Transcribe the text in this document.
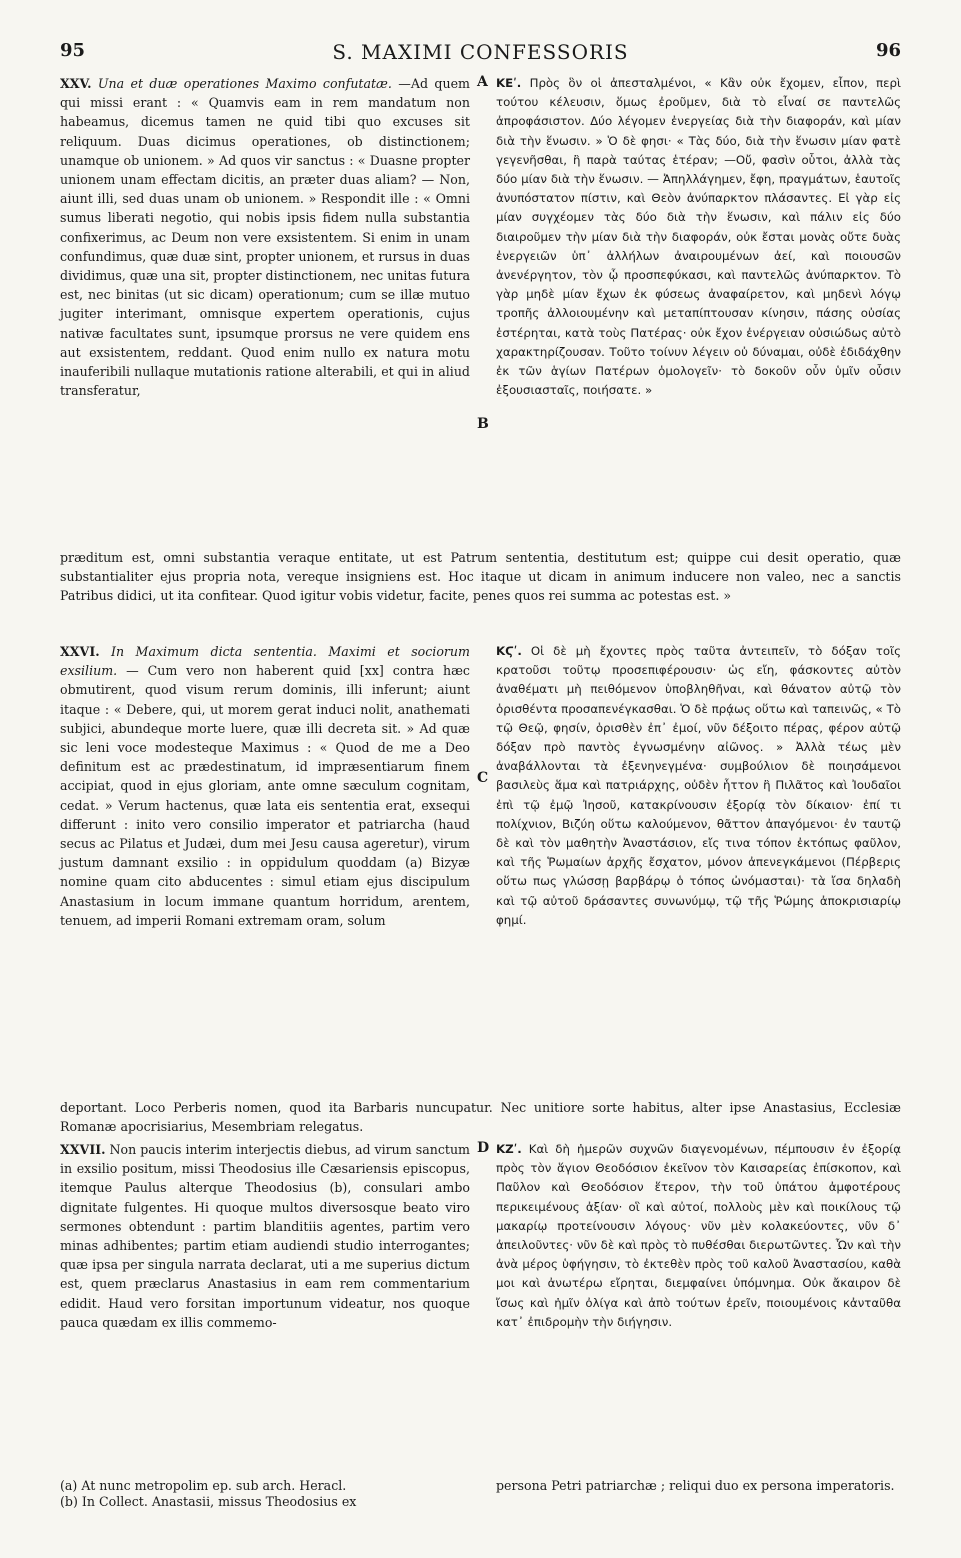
95	S. MAXIMI CONFESSORIS	96
XXV. Una et duæ operationes Maximo confutatæ. —Ad quem qui missi erant : « Quamvis eam in rem mandatum non habeamus, dicemus tamen ne quid tibi quo excuses sit reliquum. Duas dicimus operationes, ob distinctionem; unamque ob unionem. » Ad quos vir sanctus : « Duasne propter unionem unam effectam dicitis, an præter duas aliam? — Non, aiunt illi, sed duas unam ob unionem. » Respondit ille : « Omni sumus liberati negotio, qui nobis ipsis fidem nulla substantia confixerimus, ac Deum non vere exsistentem. Si enim in unam confundimus, quæ duæ sint, propter unionem, et rursus in duas dividimus, quæ una sit, propter distinctionem, nec unitas futura est, nec binitas (ut sic dicam) operationum; cum se illæ mutuo jugiter interimant, omnisque expertem operationis, cujus nativæ facultates sunt, ipsumque prorsus ne vere quidem ens aut exsistentem, reddant. Quod enim nullo ex natura motu inauferibili nullaque mutationis ratione alterabili, et qui in aliud transferatur,
A
B
ΚΕʹ. Πρὸς ὃν οἱ ἀπεσταλμένοι, « Κἂν οὐκ ἔχομεν, εἶπον, περὶ τούτου κέλευσιν, ὅμως ἐροῦμεν, διὰ τὸ εἶναί σε παντελῶς ἀπροφάσιστον. Δύο λέγομεν ἐνεργείας διὰ τὴν διαφοράν, καὶ μίαν διὰ τὴν ἕνωσιν. » Ὁ δὲ φησι· « Τὰς δύο, διὰ τὴν ἕνωσιν μίαν φατὲ γεγενῆσθαι, ἢ παρὰ ταύτας ἑτέραν; —Οὔ, φασὶν οὗτοι, ἀλλὰ τὰς δύο μίαν διὰ τὴν ἕνωσιν. — Ἀπηλλάγημεν, ἔφη, πραγμάτων, ἑαυτοῖς ἀνυπόστατον πίστιν, καὶ Θεὸν ἀνύπαρκτον πλάσαντες. Εἰ γὰρ εἰς μίαν συγχέομεν τὰς δύο διὰ τὴν ἕνωσιν, καὶ πάλιν εἰς δύο διαιροῦμεν τὴν μίαν διὰ τὴν διαφοράν, οὐκ ἔσται μονὰς οὔτε δυὰς ἐνεργειῶν ὑπ᾽ ἀλλήλων ἀναιρουμένων ἀεί, καὶ ποιουσῶν ἀνενέργητον, τὸν ᾧ προσπεφύκασι, καὶ παντελῶς ἀνύπαρκτον. Τὸ γὰρ μηδὲ μίαν ἔχων ἐκ φύσεως ἀναφαίρετον, καὶ μηδενὶ λόγῳ τροπῆς ἀλλοιουμένην καὶ μεταπίπτουσαν κίνησιν, πάσης οὐσίας ἐστέρηται, κατὰ τοὺς Πατέρας· οὐκ ἔχον ἐνέργειαν οὐσιώδως αὐτὸ χαρακτηρίζουσαν. Τοῦτο τοίνυν λέγειν οὐ δύναμαι, οὐδὲ ἐδιδάχθην ἐκ τῶν ἁγίων Πατέρων ὁμολογεῖν· τὸ δοκοῦν οὖν ὑμῖν οὖσιν ἐξουσιασταῖς, ποιήσατε. »
præditum est, omni substantia veraque entitate, ut est Patrum sententia, destitutum est; quippe cui desit operatio, quæ substantialiter ejus propria nota, vereque insigniens est. Hoc itaque ut dicam in animum inducere non valeo, nec a sanctis Patribus didici, ut ita confitear. Quod igitur vobis videtur, facite, penes quos rei summa ac potestas est. »
XXVI. In Maximum dicta sententia. Maximi et sociorum exsilium. — Cum vero non haberent quid [xx] contra hæc obmutirent, quod visum rerum dominis, illi inferunt; aiunt itaque : « Debere, qui, ut morem gerat induci nolit, anathemati subjici, abundeque morte luere, quæ illi decreta sit. » Ad quæ sic leni voce modesteque Maximus : « Quod de me a Deo definitum est ac prædestinatum, id impræsentiarum finem accipiat, quod in ejus gloriam, ante omne sæculum cognitam, cedat. » Verum hactenus, quæ lata eis sententia erat, exsequi differunt : inito vero consilio imperator et patriarcha (haud secus ac Pilatus et Judæi, dum mei Jesu causa ageretur), virum justum damnant exsilio : in oppidulum quoddam (a) Bizyæ nomine quam cito abducentes : simul etiam ejus discipulum Anastasium in locum immane quantum horridum, arentem, tenuem, ad imperii Romani extremam oram, solum
C
ΚϚʹ. Οἱ δὲ μὴ ἔχοντες πρὸς ταῦτα ἀντειπεῖν, τὸ δόξαν τοῖς κρατοῦσι τοῦτῳ προσεπιφέρουσιν· ὡς εἴη, φάσκοντες αὐτὸν ἀναθέματι μὴ πειθόμενον ὑποβληθῆναι, καὶ θάνατον αὐτῷ τὸν ὁρισθέντα προσαπενέγκασθαι. Ὁ δὲ πρᾴως οὕτω καὶ ταπεινῶς, « Τὸ τῷ Θεῷ, φησίν, ὁρισθὲν ἐπ᾽ ἐμοί, νῦν δέξοιτο πέρας, φέρον αὐτῷ δόξαν πρὸ παντὸς ἐγνωσμένην αἰῶνος. » Ἀλλὰ τέως μὲν ἀναβάλλονται τὰ ἐξενηνεγμένα· συμβούλιον δὲ ποιησάμενοι βασιλεὺς ἅμα καὶ πατριάρχης, οὐδὲν ἧττον ἢ Πιλᾶτος καὶ Ἰουδαῖοι ἐπὶ τῷ ἐμῷ Ἰησοῦ, κατακρίνουσιν ἐξορίᾳ τὸν δίκαιον· ἐπί τι πολίχνιον, Βιζύη οὕτω καλούμενον, θᾶττον ἀπαγόμενοι· ἐν ταυτῷ δὲ καὶ τὸν μαθητὴν Ἀναστάσιον, εἴς τινα τόπον ἐκτόπως φαῦλον, καὶ τῆς Ῥωμαίων ἀρχῆς ἔσχατον, μόνον ἀπενεγκάμενοι (Πέρβερις οὕτω πως γλώσσῃ βαρβάρῳ ὁ τόπος ὠνόμασται)· τὰ ἴσα δηλαδὴ καὶ τῷ αὐτοῦ δράσαντες συνωνύμῳ, τῷ τῆς Ῥώμης ἀποκρισιαρίῳ φημί.
deportant. Loco Perberis nomen, quod ita Barbaris nuncupatur. Nec unitiore sorte habitus, alter ipse Anastasius, Ecclesiæ Romanæ apocrisiarius, Mesembriam relegatus.
XXVII. Non paucis interim interjectis diebus, ad virum sanctum in exsilio positum, missi Theodosius ille Cæsariensis episcopus, itemque Paulus alterque Theodosius (b), consulari ambo dignitate fulgentes. Hi quoque multos diversosque beato viro sermones obtendunt : partim blanditiis agentes, partim vero minas adhibentes; partim etiam audiendi studio interrogantes; quæ ipsa per singula narrata declarat, uti a me superius dictum est, quem præclarus Anastasius in eam rem commentarium edidit. Haud vero forsitan importunum videatur, nos quoque pauca quædam ex illis commemo-
D ΚΖʹ. Καὶ δὴ ἡμερῶν συχνῶν διαγενομένων, πέμπουσιν ἐν ἐξορίᾳ πρὸς τὸν ἅγιον Θεοδόσιον ἐκεῖνον τὸν Καισαρείας ἐπίσκοπον, καὶ Παῦλον καὶ Θεοδόσιον ἕτερον, τὴν τοῦ ὑπάτου ἀμφοτέρους περικειμένους ἀξίαν· οἳ καὶ αὐτοί, πολλοὺς μὲν καὶ ποικίλους τῷ μακαρίῳ προτείνουσιν λόγους· νῦν μὲν κολακεύοντες, νῦν δ᾽ ἀπειλοῦντες· νῦν δὲ καὶ πρὸς τὸ πυθέσθαι διερωτῶντες. Ὧν καὶ τὴν ἀνὰ μέρος ὑφήγησιν, τὸ ἐκτεθὲν πρὸς τοῦ καλοῦ Ἀναστασίου, καθὰ μοι καὶ ἀνωτέρω εἴρηται, διεμφαίνει ὑπόμνημα. Οὐκ ἄκαιρον δὲ ἴσως καὶ ἡμῖν ὀλίγα καὶ ἀπὸ τούτων ἐρεῖν, ποιουμένοις κἀνταῦθα κατ᾽ ἐπιδρομὴν τὴν διήγησιν.
(a) At nunc metropolim ep. sub arch. Heracl.
(b) In Collect. Anastasii, missus Theodosius ex
persona Petri patriarchæ ; reliqui duo ex persona imperatoris.
